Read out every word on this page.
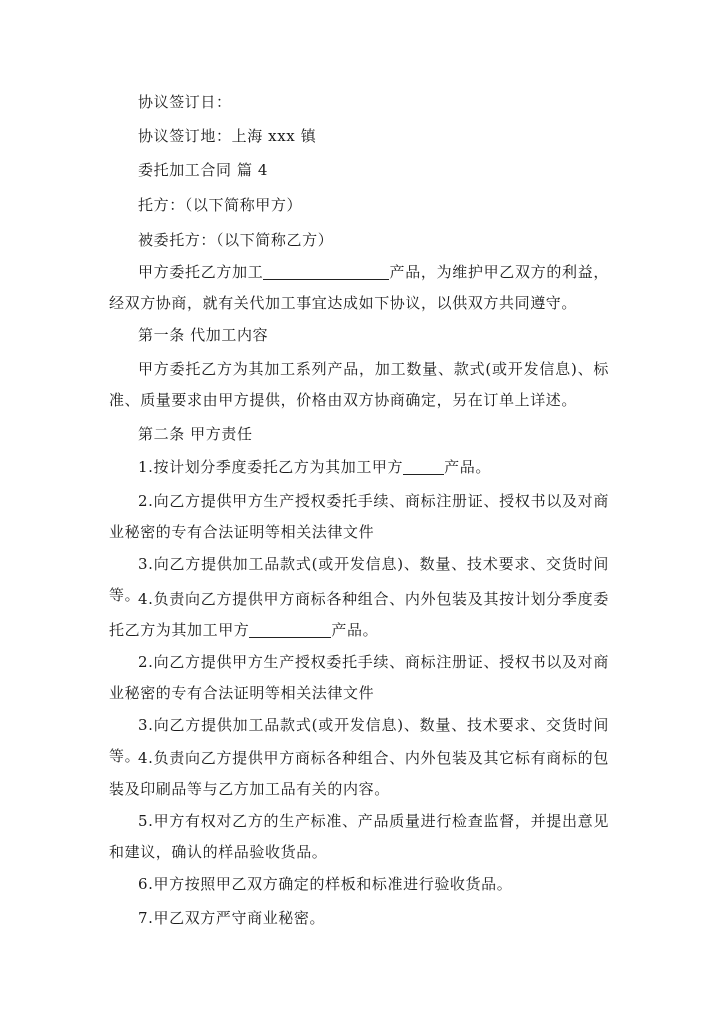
协议签订日：

协议签订地：上海 xxx 镇

委托加工合同 篇 4

托方：（以下简称甲方）

被委托方：（以下简称乙方）

甲方委托乙方加工	产品，为维护甲乙双方的利益，经双方协商，就有关代加工事宜达成如下协议，以供双方共同遵守。

第一条 代加工内容

甲方委托乙方为其加工系列产品，加工数量、款式(或开发信息)、标准、质量要求由甲方提供，价格由双方协商确定，另在订单上详述。

第二条 甲方责任

1.按计划分季度委托乙方为其加工甲方	产品。

2.向乙方提供甲方生产授权委托手续、商标注册证、授权书以及对商业秘密的专有合法证明等相关法律文件

3.向乙方提供加工品款式(或开发信息)、数量、技术要求、交货时间等。

4.负责向乙方提供甲方商标各种组合、内外包装及其按计划分季度委托乙方为其加工甲方	产品。

2.向乙方提供甲方生产授权委托手续、商标注册证、授权书以及对商业秘密的专有合法证明等相关法律文件

3.向乙方提供加工品款式(或开发信息)、数量、技术要求、交货时间等。

4.负责向乙方提供甲方商标各种组合、内外包装及其它标有商标的包装及印刷品等与乙方加工品有关的内容。

5.甲方有权对乙方的生产标准、产品质量进行检查监督，并提出意见和建议，确认的样品验收货品。

6.甲方按照甲乙双方确定的样板和标准进行验收货品。

7.甲乙双方严守商业秘密。
